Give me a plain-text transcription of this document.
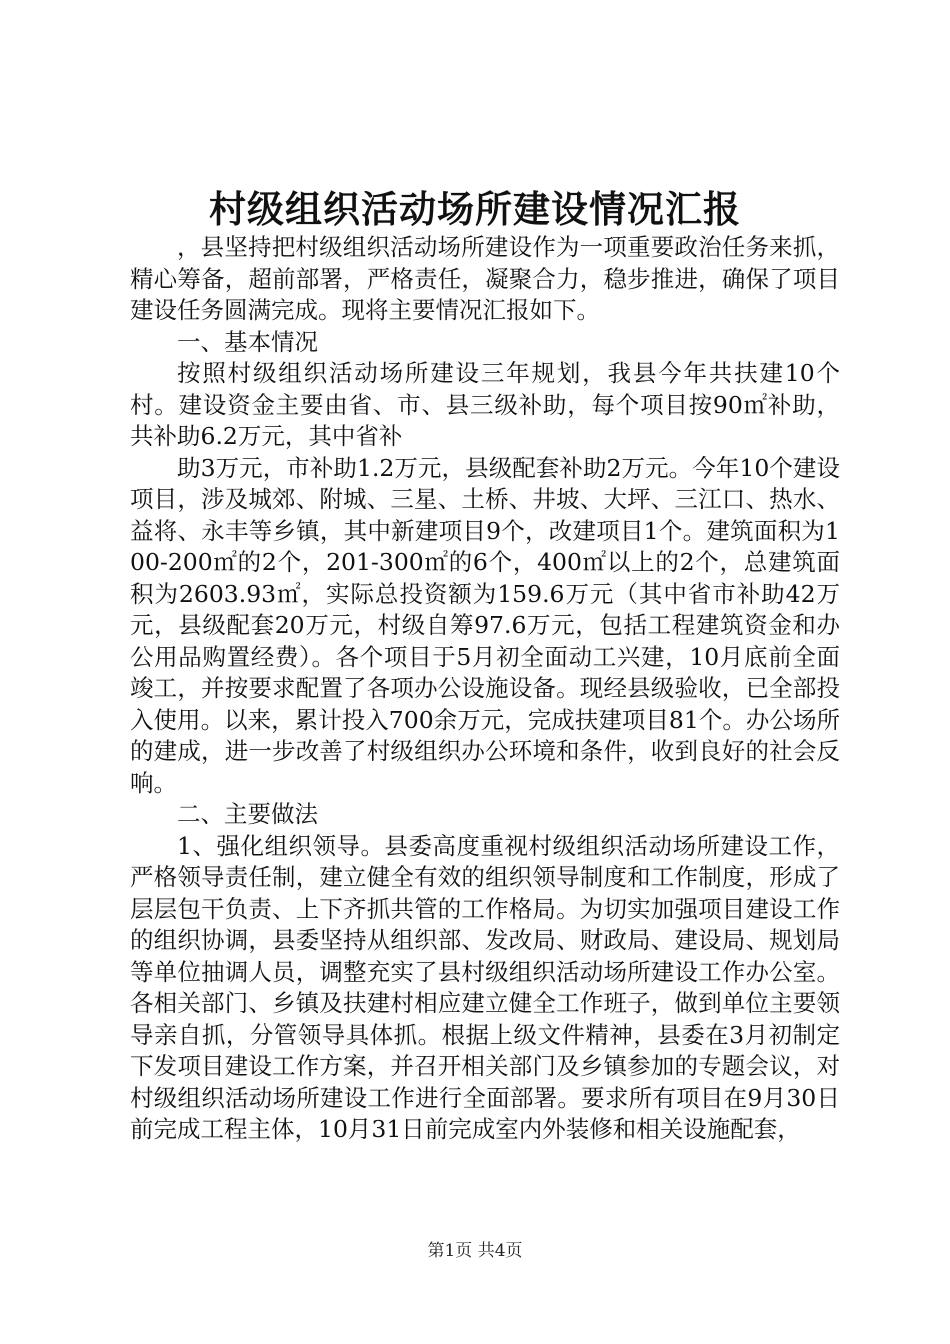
村级组织活动场所建设情况汇报

，县坚持把村级组织活动场所建设作为一项重要政治任务来抓，精心筹备，超前部署，严格责任，凝聚合力，稳步推进，确保了项目建设任务圆满完成。现将主要情况汇报如下。

一、基本情况

按照村级组织活动场所建设三年规划，我县今年共扶建10个村。建设资金主要由省、市、县三级补助，每个项目按90㎡补助，共补助6.2万元，其中省补

助3万元，市补助1.2万元，县级配套补助2万元。今年10个建设项目，涉及城郊、附城、三星、土桥、井坡、大坪、三江口、热水、益将、永丰等乡镇，其中新建项目9个，改建项目1个。建筑面积为100-200㎡的2个，201-300㎡的6个，400㎡以上的2个，总建筑面积为2603.93㎡，实际总投资额为159.6万元（其中省市补助42万元，县级配套20万元，村级自筹97.6万元，包括工程建筑资金和办公用品购置经费）。各个项目于5月初全面动工兴建，10月底前全面竣工，并按要求配置了各项办公设施设备。现经县级验收，已全部投入使用。以来，累计投入700余万元，完成扶建项目81个。办公场所的建成，进一步改善了村级组织办公环境和条件，收到良好的社会反响。

二、主要做法

1、强化组织领导。县委高度重视村级组织活动场所建设工作，严格领导责任制，建立健全有效的组织领导制度和工作制度，形成了层层包干负责、上下齐抓共管的工作格局。为切实加强项目建设工作的组织协调，县委坚持从组织部、发改局、财政局、建设局、规划局等单位抽调人员，调整充实了县村级组织活动场所建设工作办公室。各相关部门、乡镇及扶建村相应建立健全工作班子，做到单位主要领导亲自抓，分管领导具体抓。根据上级文件精神，县委在3月初制定下发项目建设工作方案，并召开相关部门及乡镇参加的专题会议，对村级组织活动场所建设工作进行全面部署。要求所有项目在9月30日前完成工程主体，10月31日前完成室内外装修和相关设施配套，

第1页 共4页
